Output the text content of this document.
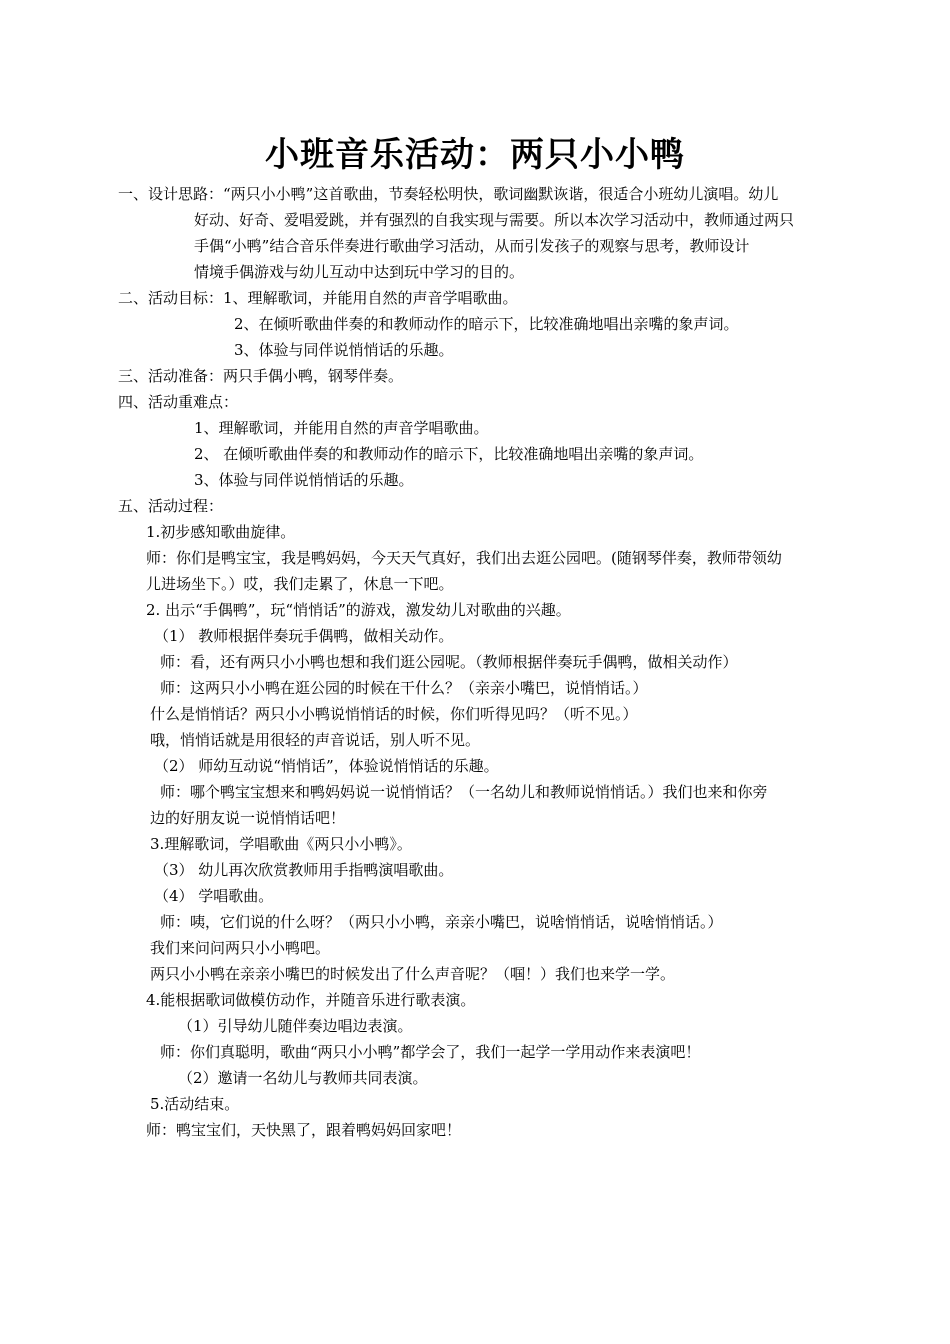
小班音乐活动：两只小小鸭
一、设计思路：“两只小小鸭”这首歌曲，节奏轻松明快，歌词幽默诙谐，很适合小班幼儿演唱。幼儿
好动、好奇、爱唱爱跳，并有强烈的自我实现与需要。所以本次学习活动中，教师通过两只
手偶“小鸭”结合音乐伴奏进行歌曲学习活动，从而引发孩子的观察与思考，教师设计
情境手偶游戏与幼儿互动中达到玩中学习的目的。
二、活动目标：1、理解歌词，并能用自然的声音学唱歌曲。
2、在倾听歌曲伴奏的和教师动作的暗示下，比较准确地唱出亲嘴的象声词。
3、体验与同伴说悄悄话的乐趣。
三、活动准备：两只手偶小鸭，钢琴伴奏。
四、活动重难点：
1、理解歌词，并能用自然的声音学唱歌曲。
2、 在倾听歌曲伴奏的和教师动作的暗示下，比较准确地唱出亲嘴的象声词。
3、体验与同伴说悄悄话的乐趣。
五、活动过程：
1.初步感知歌曲旋律。
师：你们是鸭宝宝，我是鸭妈妈，今天天气真好，我们出去逛公园吧。(随钢琴伴奏，教师带领幼
儿进场坐下。）哎，我们走累了，休息一下吧。
2. 出示“手偶鸭”，玩“悄悄话”的游戏，激发幼儿对歌曲的兴趣。
（1） 教师根据伴奏玩手偶鸭，做相关动作。
师：看，还有两只小小鸭也想和我们逛公园呢。（教师根据伴奏玩手偶鸭，做相关动作）
师：这两只小小鸭在逛公园的时候在干什么？（亲亲小嘴巴，说悄悄话。）
什么是悄悄话？两只小小鸭说悄悄话的时候，你们听得见吗？（听不见。）
哦，悄悄话就是用很轻的声音说话，别人听不见。
（2） 师幼互动说“悄悄话”，体验说悄悄话的乐趣。
师：哪个鸭宝宝想来和鸭妈妈说一说悄悄话？（一名幼儿和教师说悄悄话。）我们也来和你旁
边的好朋友说一说悄悄话吧！
3.理解歌词，学唱歌曲《两只小小鸭》。
（3） 幼儿再次欣赏教师用手指鸭演唱歌曲。
（4） 学唱歌曲。
师：咦，它们说的什么呀？（两只小小鸭，亲亲小嘴巴，说啥悄悄话，说啥悄悄话。）
我们来问问两只小小鸭吧。
两只小小鸭在亲亲小嘴巴的时候发出了什么声音呢？（啯！）我们也来学一学。
4.能根据歌词做模仿动作，并随音乐进行歌表演。
（1）引导幼儿随伴奏边唱边表演。
师：你们真聪明，歌曲“两只小小鸭”都学会了，我们一起学一学用动作来表演吧！
（2）邀请一名幼儿与教师共同表演。
5.活动结束。
师：鸭宝宝们，天快黑了，跟着鸭妈妈回家吧！
